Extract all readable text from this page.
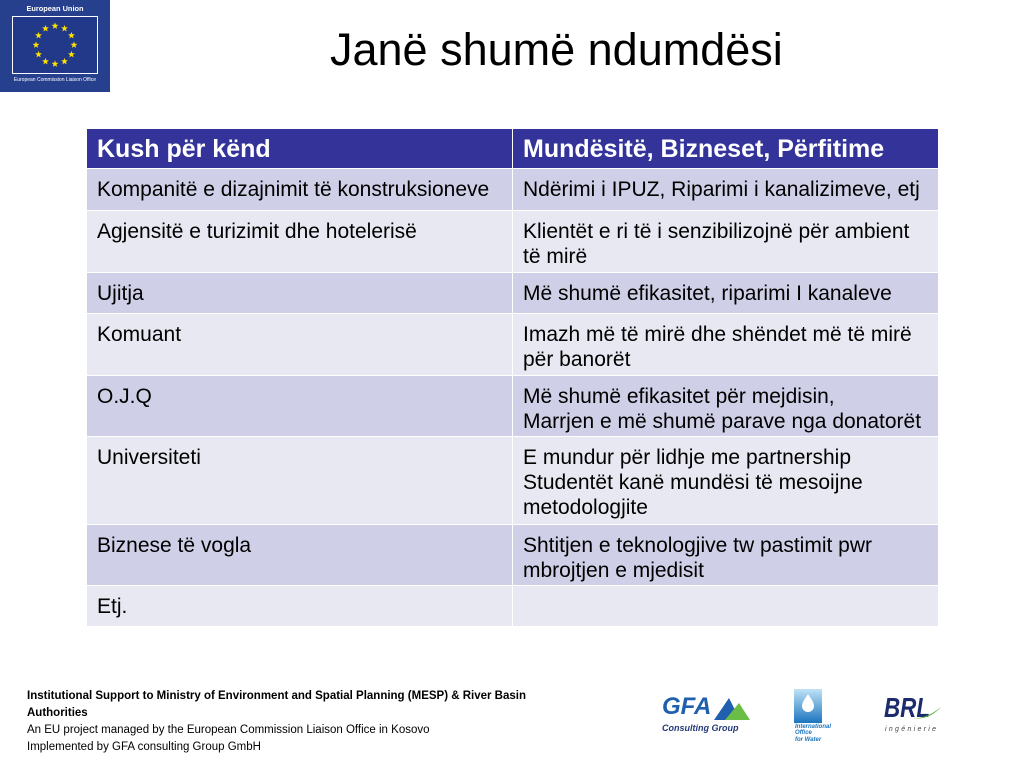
European Union
European Commission Liaison Office
Janë shumë ndumdësi
Kush për kënd	Mundësitë, Bizneset, Përfitime

Kompanitë e dizajnimit të konstruksioneve	Ndërimi i IPUZ, Riparimi i kanalizimeve, etj

Agjensitë e turizimit dhe hotelerisë	Klientët e ri të i senzibilizojnë për ambient
të mirë

Ujitja	Më shumë efikasitet, riparimi I kanaleve

Komuant	Imazh më të mirë dhe shëndet më të mirë
për banorët

O.J.Q	Më shumë efikasitet për mejdisin,
Marrjen e më shumë parave nga donatorët

Universiteti	E mundur për lidhje me partnership
Studentët kanë mundësi të mesoijne
metodologjite

Biznese të vogla	Shtitjen e teknologjive tw pastimit pwr
mbrojtjen e mjedisit

Etj.	

Institutional Support to Ministry of Environment and Spatial Planning (MESP) & River Basin
Authorities
An EU project managed by the European Commission Liaison Office in Kosovo
Implemented by GFA consulting Group GmbH
GFA
Consulting Group	International
Office
for Water
BRL
ingénierie
